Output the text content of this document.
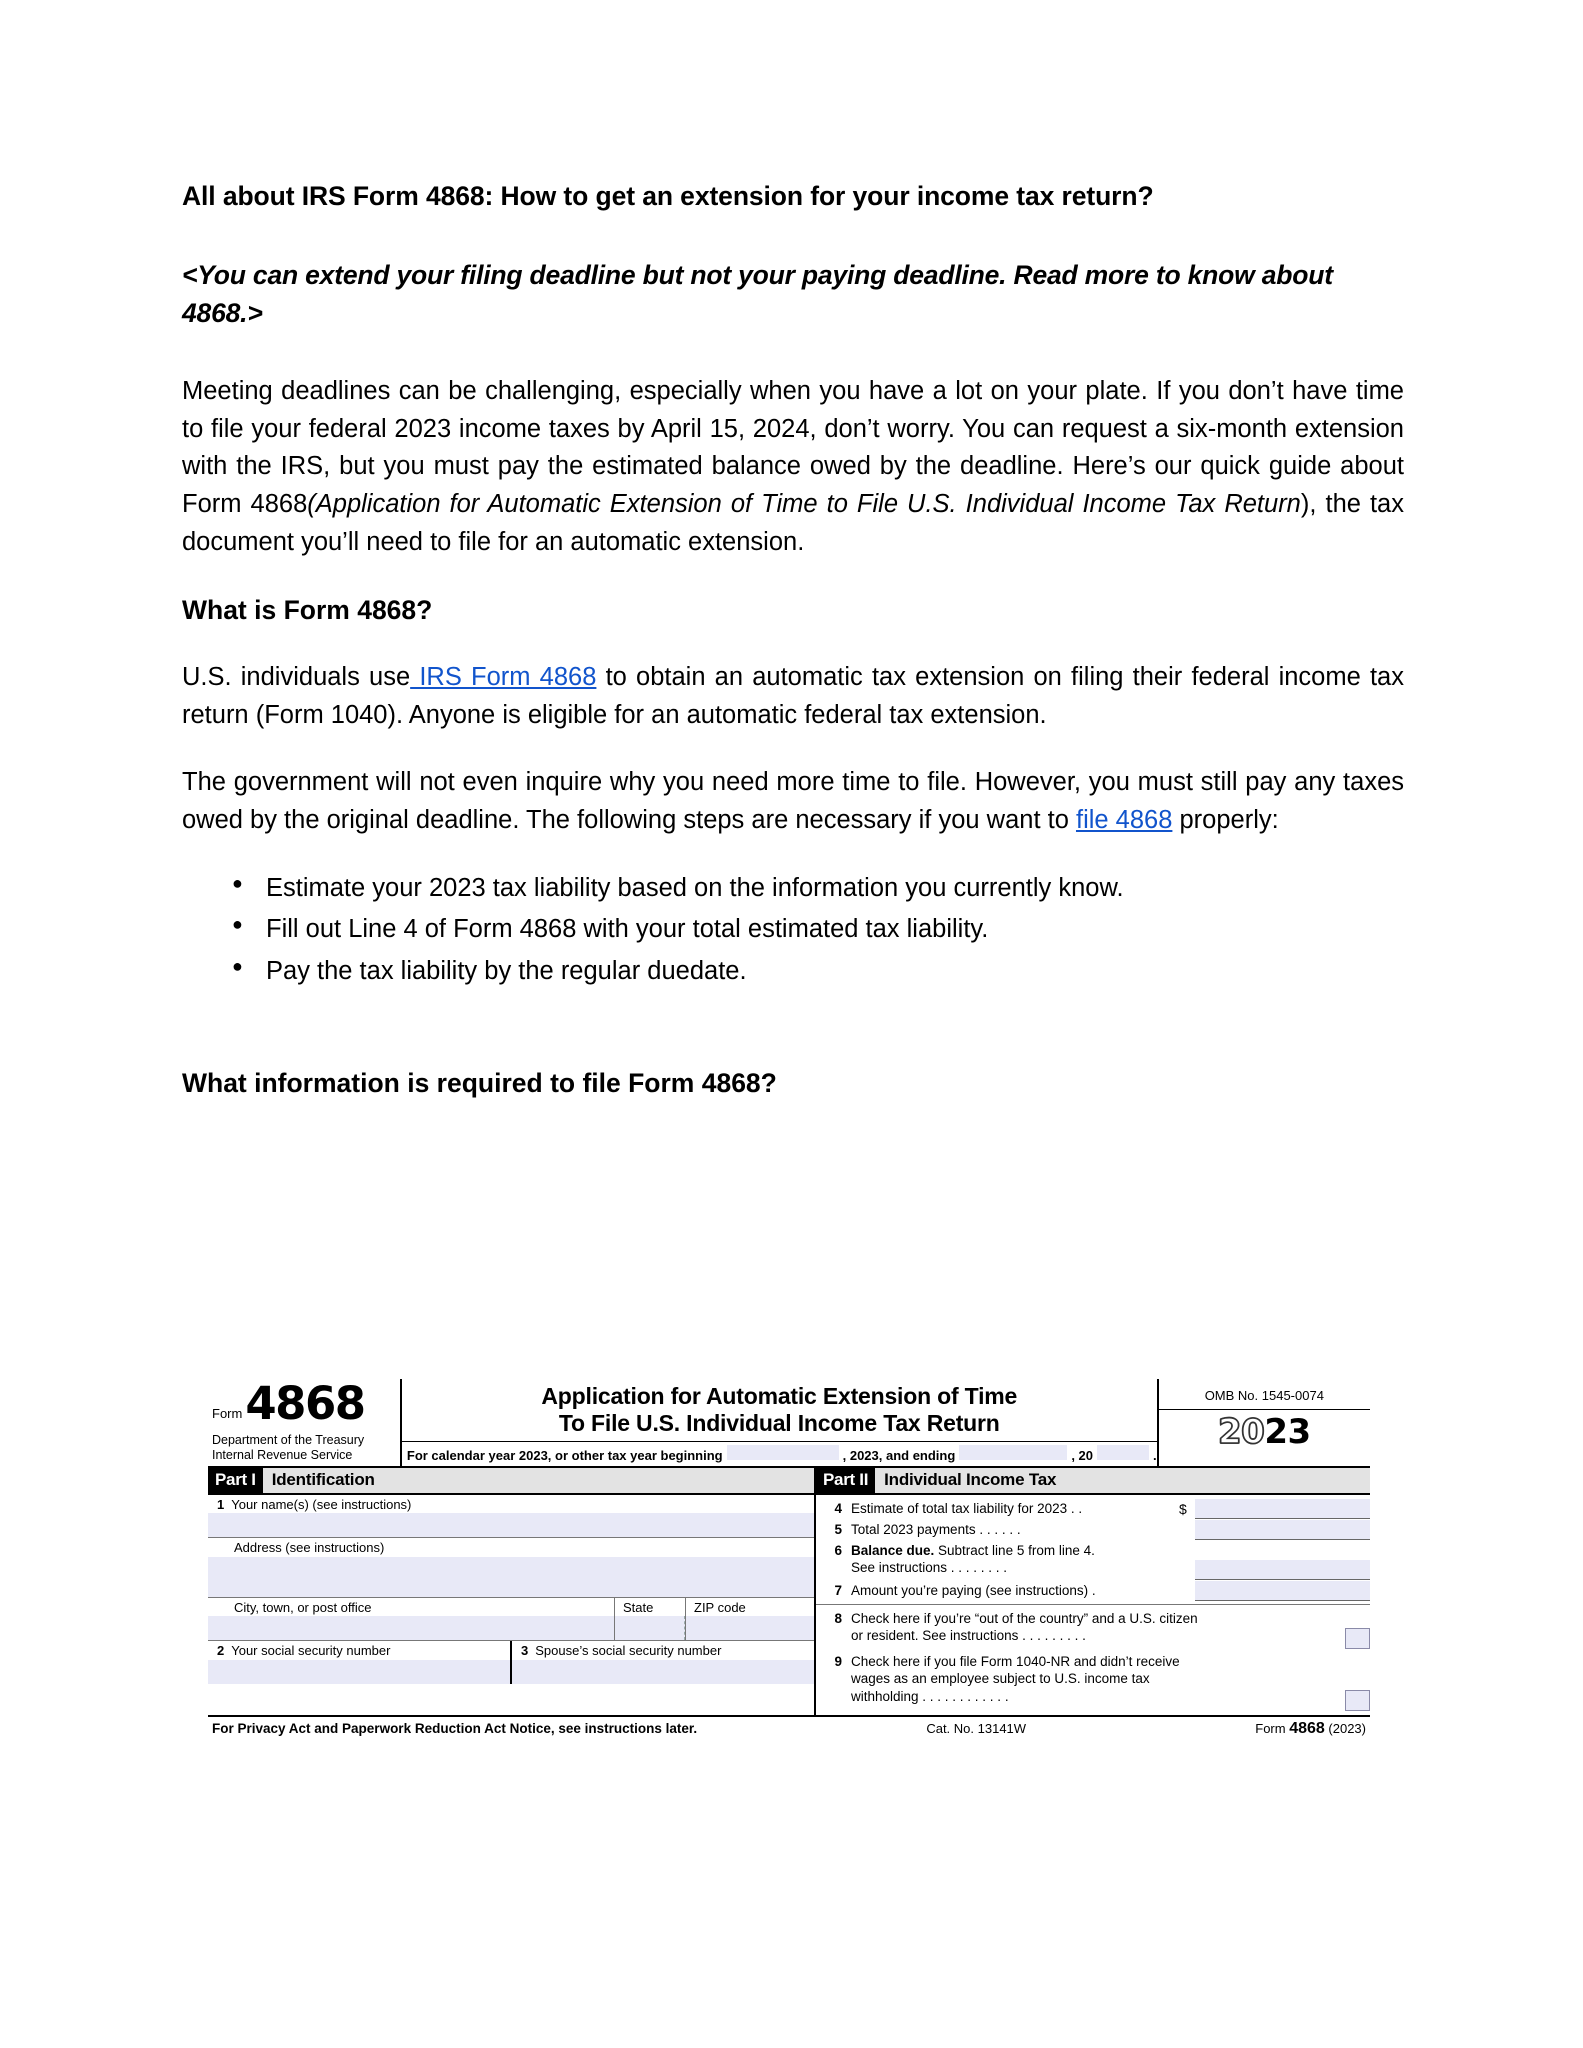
All about IRS Form 4868: How to get an extension for your income tax return?

<You can extend your filing deadline but not your paying deadline. Read more to know about 4868.>

Meeting deadlines can be challenging, especially when you have a lot on your plate. If you don’t have time to file your federal 2023 income taxes by April 15, 2024, don’t worry. You can request a six-month extension with the IRS, but you must pay the estimated balance owed by the deadline. Here’s our quick guide about Form 4868(Application for Automatic Extension of Time to File U.S. Individual Income Tax Return), the tax document you’ll need to file for an automatic extension.

What is Form 4868?

U.S. individuals use IRS Form 4868 to obtain an automatic tax extension on filing their federal income tax return (Form 1040). Anyone is eligible for an automatic federal tax extension.

The government will not even inquire why you need more time to file. However, you must still pay any taxes owed by the original deadline. The following steps are necessary if you want to file 4868 properly:

● Estimate your 2023 tax liability based on the information you currently know.
● Fill out Line 4 of Form 4868 with your total estimated tax liability.
● Pay the tax liability by the regular duedate.
What information is required to file Form 4868?
Form 4868
Department of the Treasury
Internal Revenue Service
Application for Automatic Extension of Time
To File U.S. Individual Income Tax Return
For calendar year 2023, or other tax year beginning	, 2023, and ending	, 20	.
OMB No. 1545-0074
2023
Part I Identification
1 Your name(s) (see instructions)
Address (see instructions)
City, town, or post office	State	ZIP code
2 Your social security number	3 Spouse’s social security number
Part II Individual Income Tax
4 Estimate of total tax liability for 2023 . .	$
5 Total 2023 payments . . . . . .
6 Balance due. Subtract line 5 from line 4.
See instructions . . . . . . . .
7 Amount you’re paying (see instructions) .
8 Check here if you’re “out of the country” and a U.S. citizen
or resident. See instructions . . . . . . . . .
9 Check here if you file Form 1040-NR and didn’t receive
wages as an employee subject to U.S. income tax
withholding . . . . . . . . . . . .
For Privacy Act and Paperwork Reduction Act Notice, see instructions later.	Cat. No. 13141W	Form 4868 (2023)
